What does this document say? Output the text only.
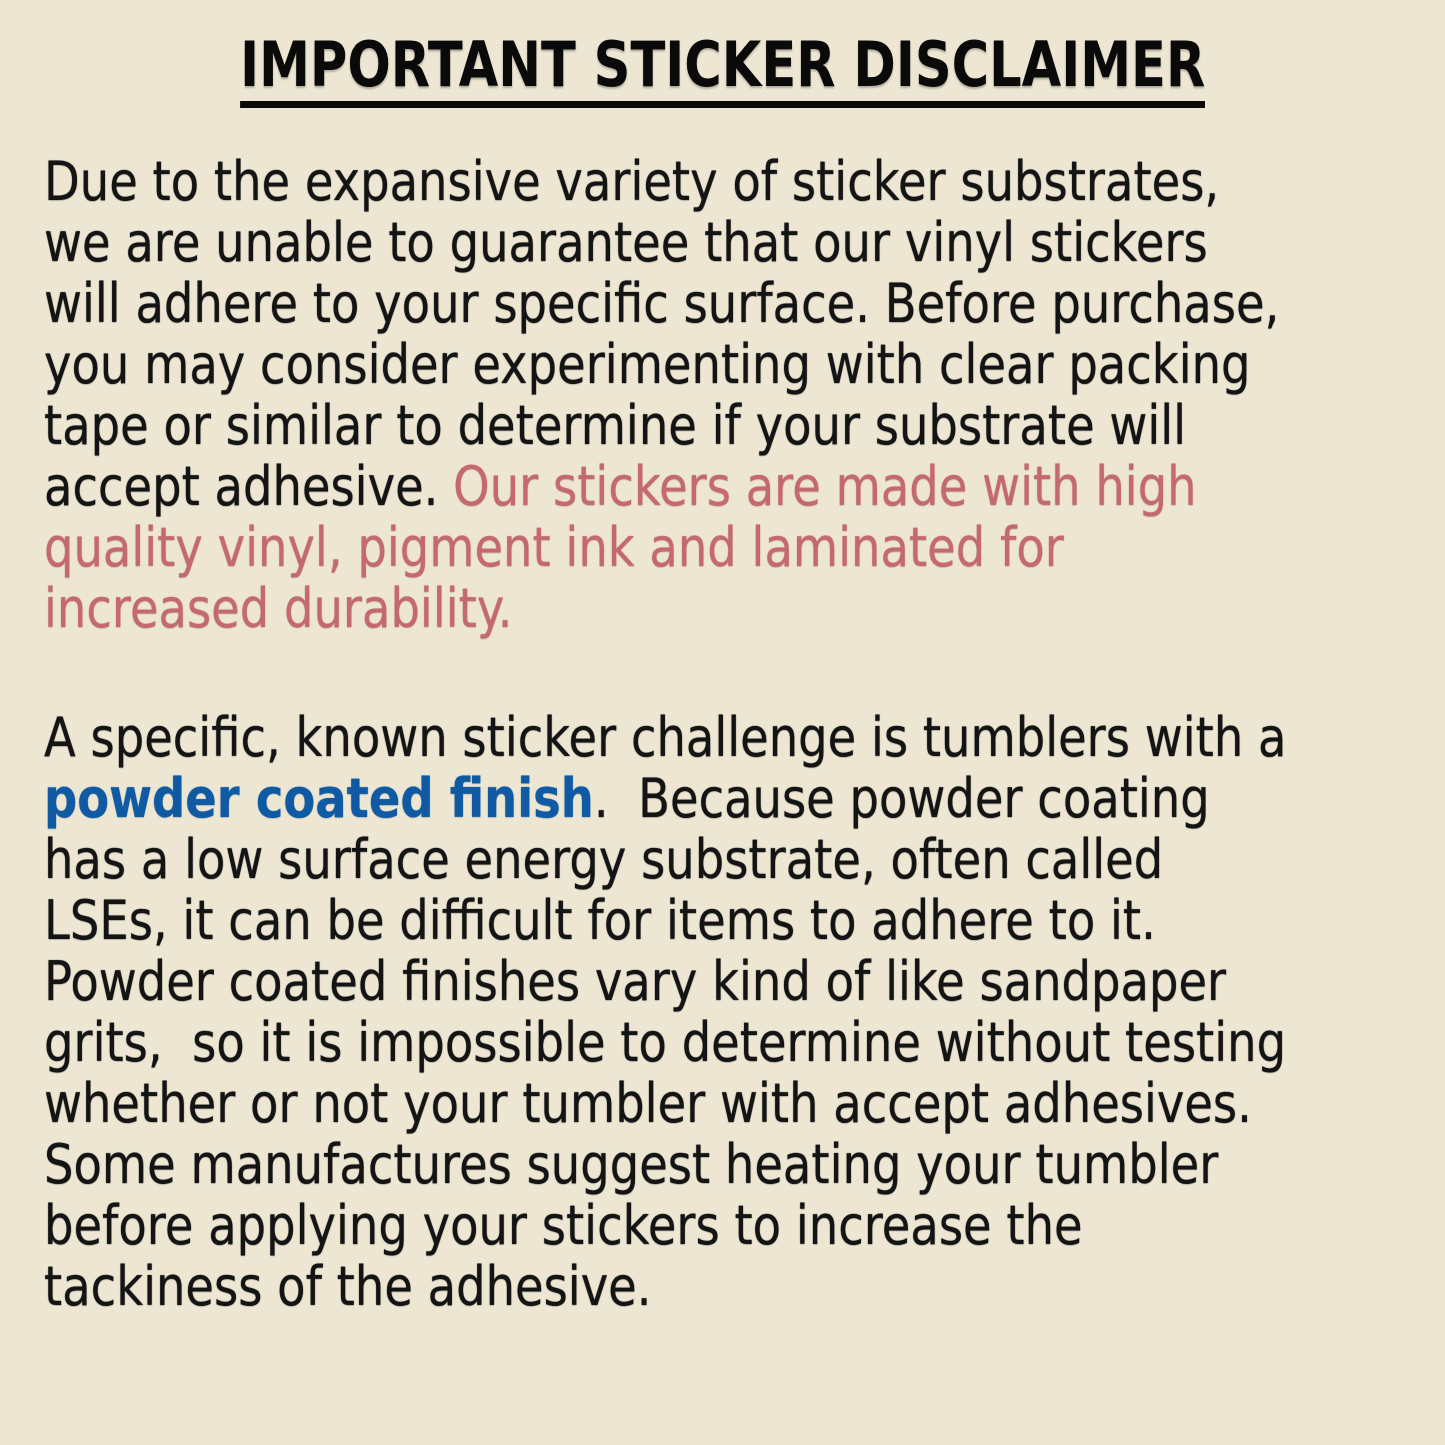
IMPORTANT STICKER DISCLAIMER
Due to the expansive variety of sticker substrates,
we are unable to guarantee that our vinyl stickers
will adhere to your specific surface. Before purchase,
you may consider experimenting with clear packing
tape or similar to determine if your substrate will
accept adhesive. Our stickers are made with high
quality vinyl, pigment ink and laminated for
increased durability.
A specific, known sticker challenge is tumblers with a
powder coated finish.  Because powder coating
has a low surface energy substrate, often called
LSEs, it can be difficult for items to adhere to it.
Powder coated finishes vary kind of like sandpaper
grits,  so it is impossible to determine without testing
whether or not your tumbler with accept adhesives.
Some manufactures suggest heating your tumbler
before applying your stickers to increase the
tackiness of the adhesive.
